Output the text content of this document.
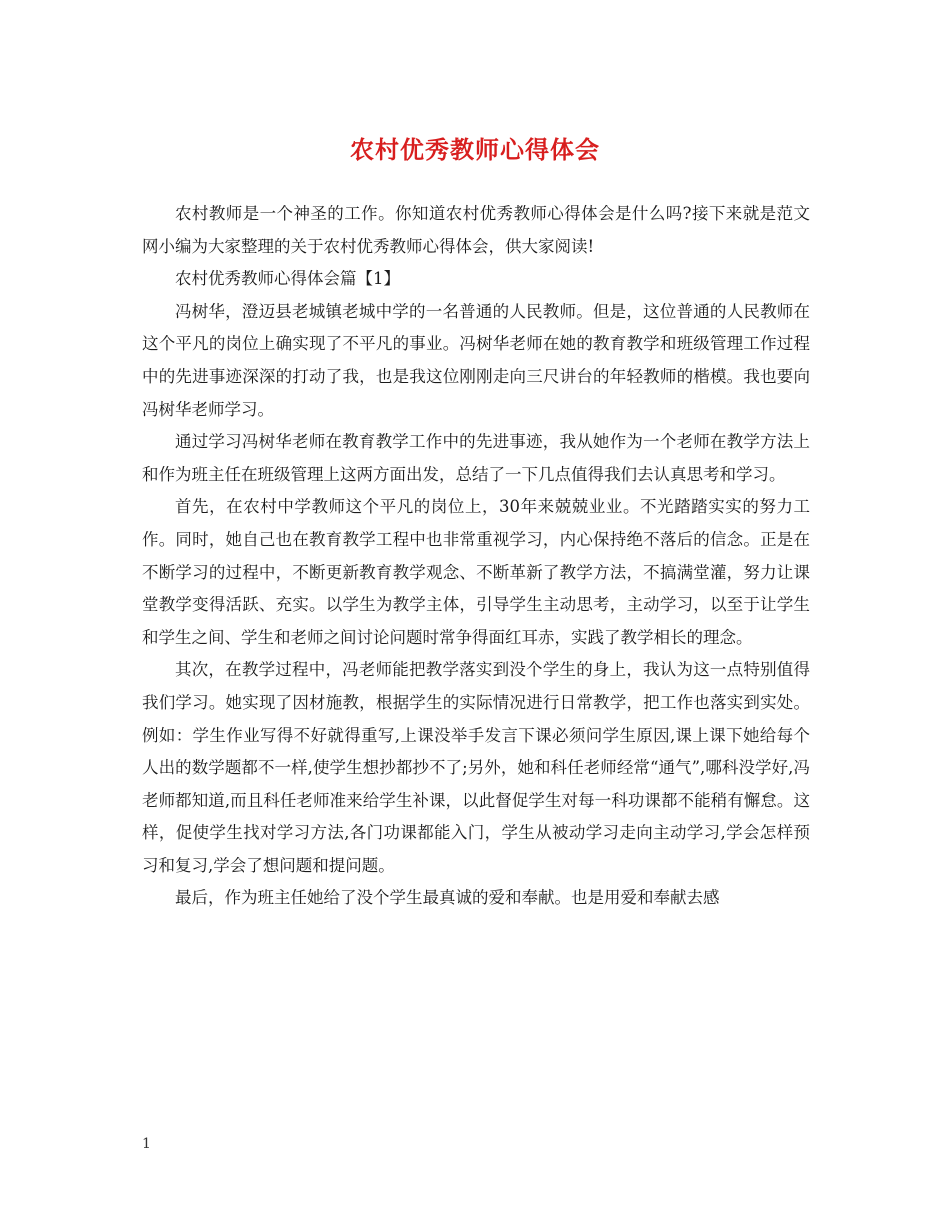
农村优秀教师心得体会

农村教师是一个神圣的工作。你知道农村优秀教师心得体会是什么吗?接下来就是范文网小编为大家整理的关于农村优秀教师心得体会，供大家阅读!

农村优秀教师心得体会篇【1】

冯树华，澄迈县老城镇老城中学的一名普通的人民教师。但是，这位普通的人民教师在这个平凡的岗位上确实现了不平凡的事业。冯树华老师在她的教育教学和班级管理工作过程中的先进事迹深深的打动了我，也是我这位刚刚走向三尺讲台的年轻教师的楷模。我也要向冯树华老师学习。

通过学习冯树华老师在教育教学工作中的先进事迹，我从她作为一个老师在教学方法上和作为班主任在班级管理上这两方面出发，总结了一下几点值得我们去认真思考和学习。

首先，在农村中学教师这个平凡的岗位上，30年来兢兢业业。不光踏踏实实的努力工作。同时，她自己也在教育教学工程中也非常重视学习，内心保持绝不落后的信念。正是在不断学习的过程中，不断更新教育教学观念、不断革新了教学方法，不搞满堂灌，努力让课堂教学变得活跃、充实。以学生为教学主体，引导学生主动思考，主动学习，以至于让学生和学生之间、学生和老师之间讨论问题时常争得面红耳赤，实践了教学相长的理念。

其次，在教学过程中，冯老师能把教学落实到没个学生的身上，我认为这一点特别值得我们学习。她实现了因材施教，根据学生的实际情况进行日常教学，把工作也落实到实处。例如：学生作业写得不好就得重写,上课没举手发言下课必须问学生原因,课上课下她给每个人出的数学题都不一样,使学生想抄都抄不了;另外，她和科任老师经常“通气”,哪科没学好,冯老师都知道,而且科任老师准来给学生补课，以此督促学生对每一科功课都不能稍有懈怠。这样，促使学生找对学习方法,各门功课都能入门，学生从被动学习走向主动学习,学会怎样预习和复习,学会了想问题和提问题。

最后，作为班主任她给了没个学生最真诚的爱和奉献。也是用爱和奉献去感

1
